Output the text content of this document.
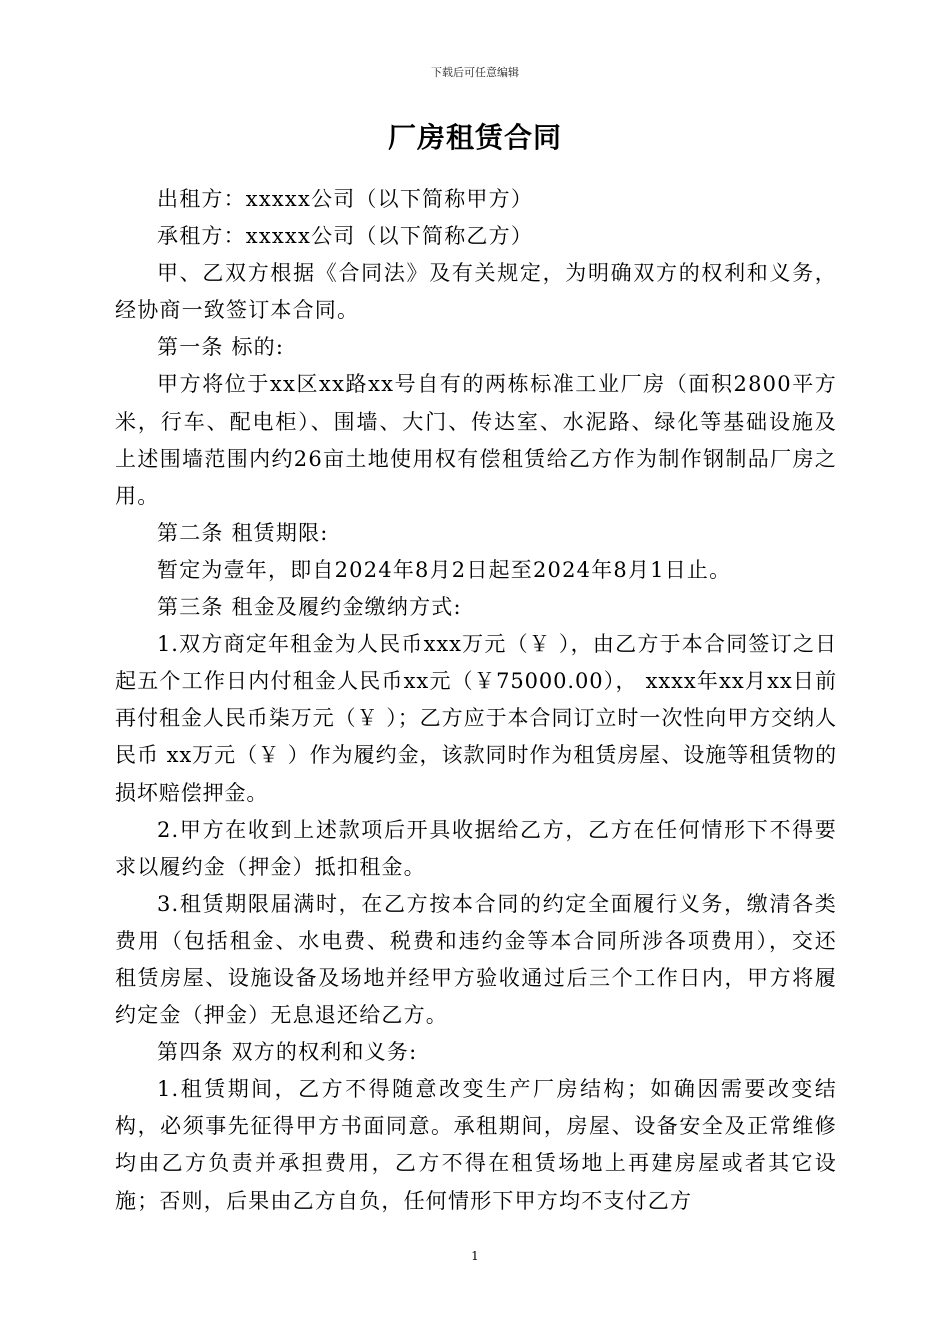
下载后可任意编辑
厂房租赁合同

出租方：xxxxx公司（以下简称甲方）

承租方：xxxxx公司（以下简称乙方）

甲、乙双方根据《合同法》及有关规定，为明确双方的权利和义务，经协商一致签订本合同。

第一条 标的:

甲方将位于xx区xx路xx号自有的两栋标准工业厂房（面积2800平方米，行车、配电柜）、围墙、大门、传达室、水泥路、绿化等基础设施及上述围墙范围内约26亩土地使用权有偿租赁给乙方作为制作钢制品厂房之用。

第二条 租赁期限:

暂定为壹年，即自2024年8月2日起至2024年8月1日止。

第三条 租金及履约金缴纳方式:

1.双方商定年租金为人民币xxx万元（￥ ），由乙方于本合同签订之日起五个工作日内付租金人民币xx元（￥75000.00）， xxxx年xx月xx日前再付租金人民币柒万元（￥ ）；乙方应于本合同订立时一次性向甲方交纳人民币 xx万元（￥ ）作为履约金，该款同时作为租赁房屋、设施等租赁物的损坏赔偿押金。

2.甲方在收到上述款项后开具收据给乙方，乙方在任何情形下不得要求以履约金（押金）抵扣租金。

3.租赁期限届满时，在乙方按本合同的约定全面履行义务，缴清各类费用（包括租金、水电费、税费和违约金等本合同所涉各项费用），交还租赁房屋、设施设备及场地并经甲方验收通过后三个工作日内，甲方将履约定金（押金）无息退还给乙方。

第四条 双方的权利和义务:

1.租赁期间，乙方不得随意改变生产厂房结构；如确因需要改变结构，必须事先征得甲方书面同意。承租期间，房屋、设备安全及正常维修均由乙方负责并承担费用，乙方不得在租赁场地上再建房屋或者其它设施；否则，后果由乙方自负，任何情形下甲方均不支付乙方

1
